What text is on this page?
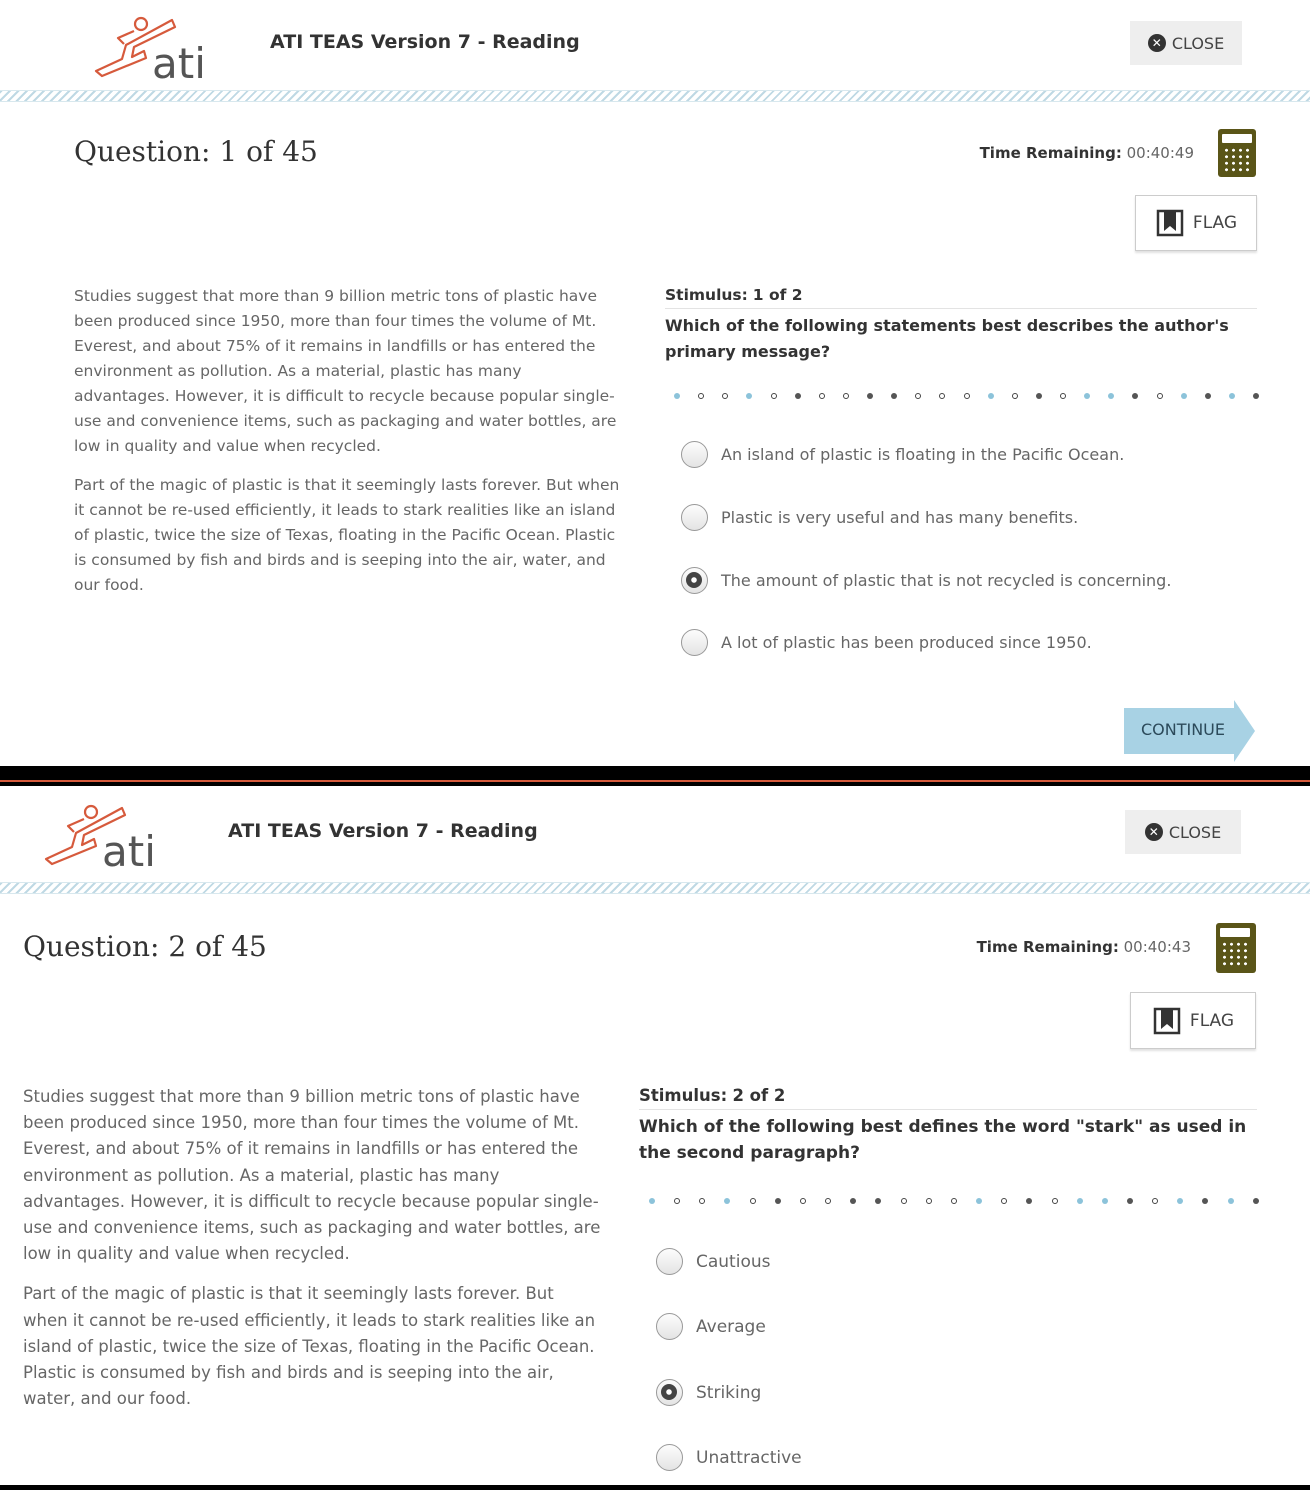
ati	ATI TEAS Version 7 - Reading	✕ CLOSE
Question: 1 of 45	Time Remaining: 00:40:49
FLAG

Studies suggest that more than 9 billion metric tons of plastic have been produced since 1950, more than four times the volume of Mt. Everest, and about 75% of it remains in landfills or has entered the environment as pollution. As a material, plastic has many advantages. However, it is difficult to recycle because popular single-use and convenience items, such as packaging and water bottles, are low in quality and value when recycled.

Part of the magic of plastic is that it seemingly lasts forever. But when it cannot be re-used efficiently, it leads to stark realities like an island of plastic, twice the size of Texas, floating in the Pacific Ocean. Plastic is consumed by fish and birds and is seeping into the air, water, and our food.

Stimulus: 1 of 2
Which of the following statements best describes the author's primary message?
An island of plastic is floating in the Pacific Ocean.
Plastic is very useful and has many benefits.
The amount of plastic that is not recycled is concerning.
A lot of plastic has been produced since 1950.
CONTINUE
ati	ATI TEAS Version 7 - Reading	✕ CLOSE
Question: 2 of 45	Time Remaining: 00:40:43
FLAG

Studies suggest that more than 9 billion metric tons of plastic have been produced since 1950, more than four times the volume of Mt. Everest, and about 75% of it remains in landfills or has entered the environment as pollution. As a material, plastic has many advantages. However, it is difficult to recycle because popular single-use and convenience items, such as packaging and water bottles, are low in quality and value when recycled.

Part of the magic of plastic is that it seemingly lasts forever. But when it cannot be re-used efficiently, it leads to stark realities like an island of plastic, twice the size of Texas, floating in the Pacific Ocean. Plastic is consumed by fish and birds and is seeping into the air, water, and our food.

Stimulus: 2 of 2
Which of the following best defines the word "stark" as used in the second paragraph?
Cautious
Average
Striking
Unattractive
